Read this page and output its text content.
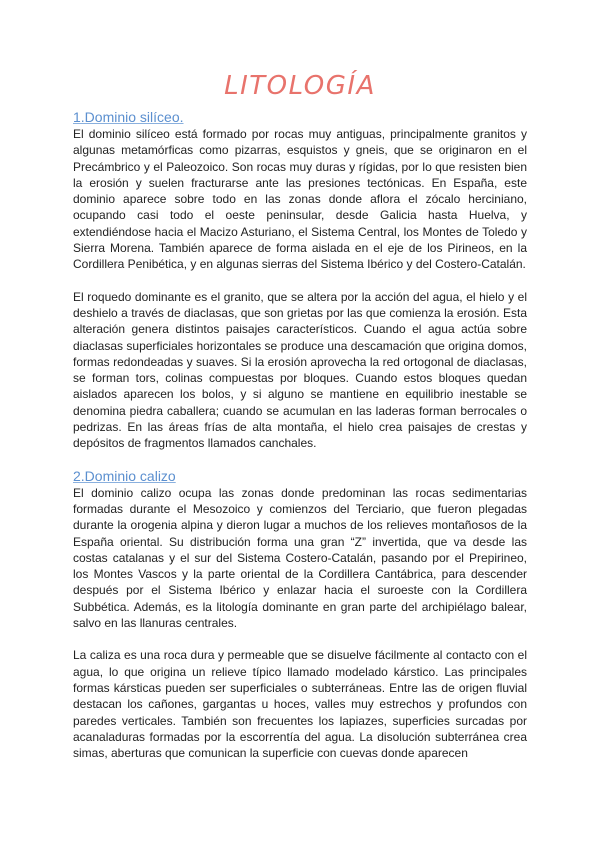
LITOLOGÍA
1.Dominio silíceo.

El dominio silíceo está formado por rocas muy antiguas, principalmente granitos y algunas metamórficas como pizarras, esquistos y gneis, que se originaron en el Precámbrico y el Paleozoico. Son rocas muy duras y rígidas, por lo que resisten bien la erosión y suelen fracturarse ante las presiones tectónicas. En España, este dominio aparece sobre todo en las zonas donde aflora el zócalo herciniano, ocupando casi todo el oeste peninsular, desde Galicia hasta Huelva, y extendiéndose hacia el Macizo Asturiano, el Sistema Central, los Montes de Toledo y Sierra Morena. También aparece de forma aislada en el eje de los Pirineos, en la Cordillera Penibética, y en algunas sierras del Sistema Ibérico y del Costero-Catalán.

El roquedo dominante es el granito, que se altera por la acción del agua, el hielo y el deshielo a través de diaclasas, que son grietas por las que comienza la erosión. Esta alteración genera distintos paisajes característicos. Cuando el agua actúa sobre diaclasas superficiales horizontales se produce una descamación que origina domos, formas redondeadas y suaves. Si la erosión aprovecha la red ortogonal de diaclasas, se forman tors, colinas compuestas por bloques. Cuando estos bloques quedan aislados aparecen los bolos, y si alguno se mantiene en equilibrio inestable se denomina piedra caballera; cuando se acumulan en las laderas forman berrocales o pedrizas. En las áreas frías de alta montaña, el hielo crea paisajes de crestas y depósitos de fragmentos llamados canchales.

2.Dominio calizo

El dominio calizo ocupa las zonas donde predominan las rocas sedimentarias formadas durante el Mesozoico y comienzos del Terciario, que fueron plegadas durante la orogenia alpina y dieron lugar a muchos de los relieves montañosos de la España oriental. Su distribución forma una gran “Z” invertida, que va desde las costas catalanas y el sur del Sistema Costero-Catalán, pasando por el Prepirineo, los Montes Vascos y la parte oriental de la Cordillera Cantábrica, para descender después por el Sistema Ibérico y enlazar hacia el suroeste con la Cordillera Subbética. Además, es la litología dominante en gran parte del archipiélago balear, salvo en las llanuras centrales.

La caliza es una roca dura y permeable que se disuelve fácilmente al contacto con el agua, lo que origina un relieve típico llamado modelado kárstico. Las principales formas kársticas pueden ser superficiales o subterráneas. Entre las de origen fluvial destacan los cañones, gargantas u hoces, valles muy estrechos y profundos con paredes verticales. También son frecuentes los lapiazes, superficies surcadas por acanaladuras formadas por la escorrentía del agua. La disolución subterránea crea simas, aberturas que comunican la superficie con cuevas donde aparecen
